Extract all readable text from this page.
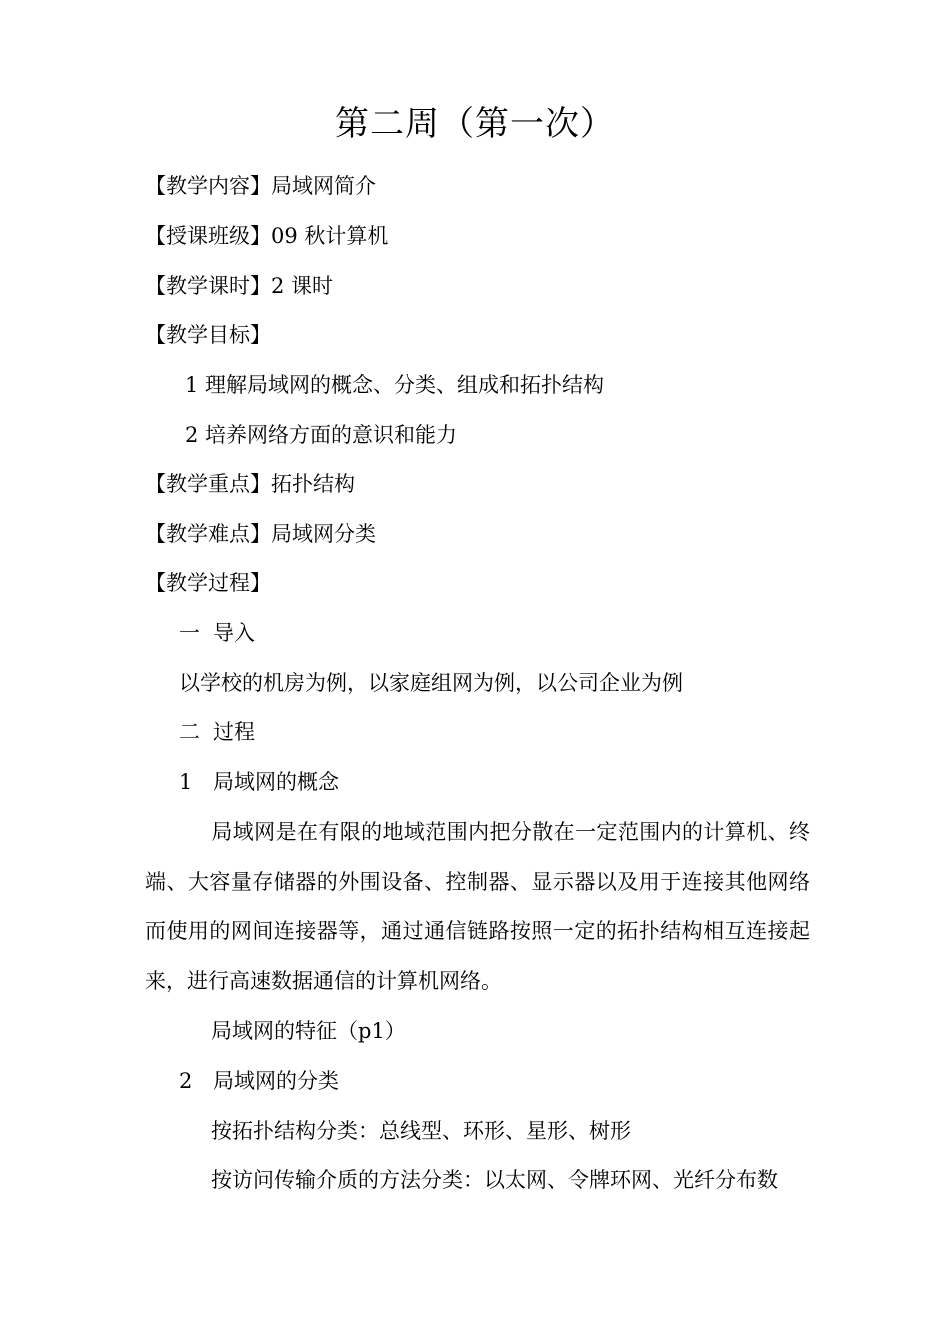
第二周（第一次）
【教学内容】局域网简介
【授课班级】09 秋计算机
【教学课时】2 课时
【教学目标】
1 理解局域网的概念、分类、组成和拓扑结构
2 培养网络方面的意识和能力
【教学重点】拓扑结构
【教学难点】局域网分类
【教学过程】
一 导入
以学校的机房为例，以家庭组网为例，以公司企业为例
二 过程
1 局域网的概念
局域网是在有限的地域范围内把分散在一定范围内的计算机、终端、大容量存储器的外围设备、控制器、显示器以及用于连接其他网络而使用的网间连接器等，通过通信链路按照一定的拓扑结构相互连接起来，进行高速数据通信的计算机网络。
局域网的特征（p1）
2 局域网的分类
按拓扑结构分类：总线型、环形、星形、树形
按访问传输介质的方法分类：以太网、令牌环网、光纤分布数
